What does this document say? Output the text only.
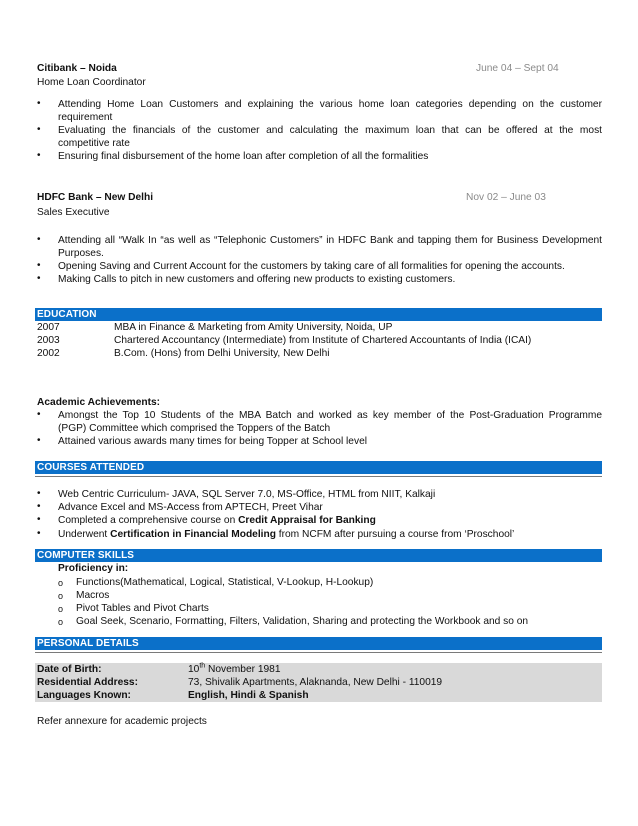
Citibank – Noida	June 04 – Sept 04
Home Loan Coordinator
• Attending Home Loan Customers and explaining the various home loan categories depending on the customer
requirement
• Evaluating the financials of the customer and calculating the maximum loan that can be offered at the most
competitive rate
• Ensuring final disbursement of the home loan after completion of all the formalities
HDFC Bank – New Delhi	Nov 02 – June 03
Sales Executive
• Attending all “Walk In “as well as “Telephonic Customers” in HDFC Bank and tapping them for Business Development
Purposes.
• Opening Saving and Current Account for the customers by taking care of all formalities for opening the accounts.
• Making Calls to pitch in new customers and offering new products to existing customers.
EDUCATION
2007	MBA in Finance & Marketing from Amity University, Noida, UP
2003	Chartered Accountancy (Intermediate) from Institute of Chartered Accountants of India (ICAI)
2002	B.Com. (Hons) from Delhi University, New Delhi
Academic Achievements:
• Amongst the Top 10 Students of the MBA Batch and worked as key member of the Post-Graduation Programme
(PGP) Committee which comprised the Toppers of the Batch
• Attained various awards many times for being Topper at School level
COURSES ATTENDED
• Web Centric Curriculum- JAVA, SQL Server 7.0, MS-Office, HTML from NIIT, Kalkaji
• Advance Excel and MS-Access from APTECH, Preet Vihar
• Completed a comprehensive course on Credit Appraisal for Banking
• Underwent Certification in Financial Modeling from NCFM after pursuing a course from ‘Proschool’
COMPUTER SKILLS
Proficiency in:
o Functions(Mathematical, Logical, Statistical, V-Lookup, H-Lookup)
o Macros
o Pivot Tables and Pivot Charts
o Goal Seek, Scenario, Formatting, Filters, Validation, Sharing and protecting the Workbook and so on
PERSONAL DETAILS
Date of Birth:	10th November 1981
Residential Address:	73, Shivalik Apartments, Alaknanda, New Delhi - 110019
Languages Known:	English, Hindi & Spanish
Refer annexure for academic projects
